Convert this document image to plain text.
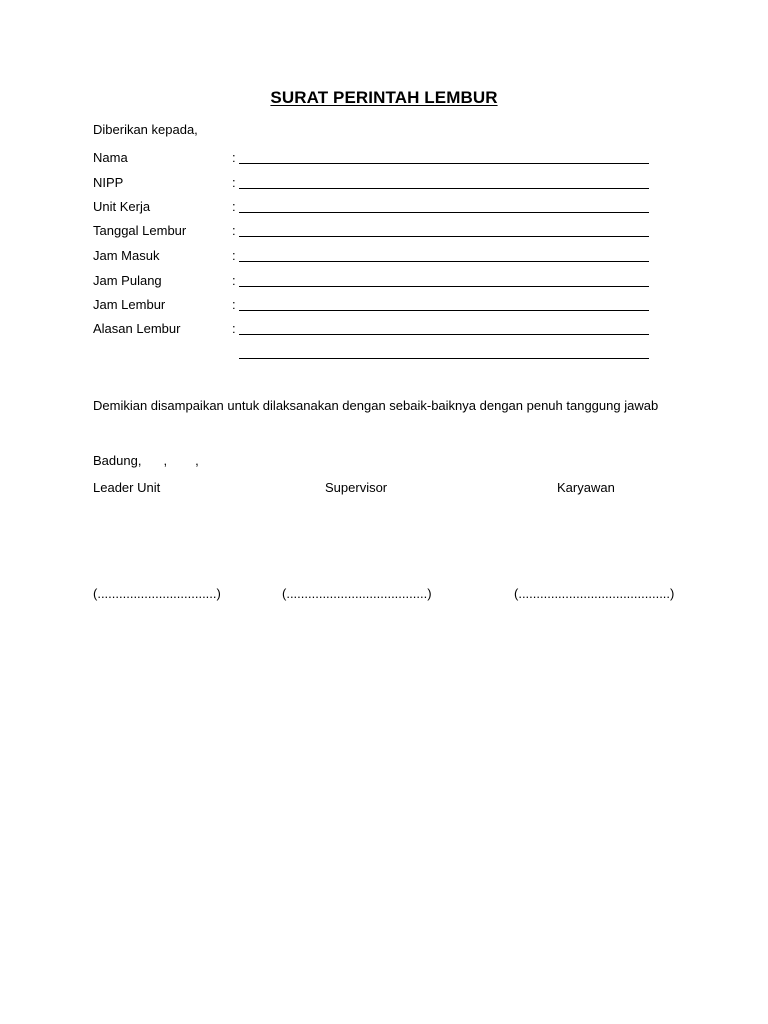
SURAT PERINTAH LEMBUR
Diberikan kepada,
Nama	:
NIPP	:
Unit Kerja	:
Tanggal Lembur	:
Jam Masuk	:
Jam Pulang	:
Jam Lembur	:
Alasan Lembur	:
Demikian disampaikan untuk dilaksanakan dengan sebaik-baiknya dengan penuh tanggung jawab
Badung, , ,
Leader Unit	Supervisor	Karyawan
(.................................)	(.......................................)	(..........................................)
